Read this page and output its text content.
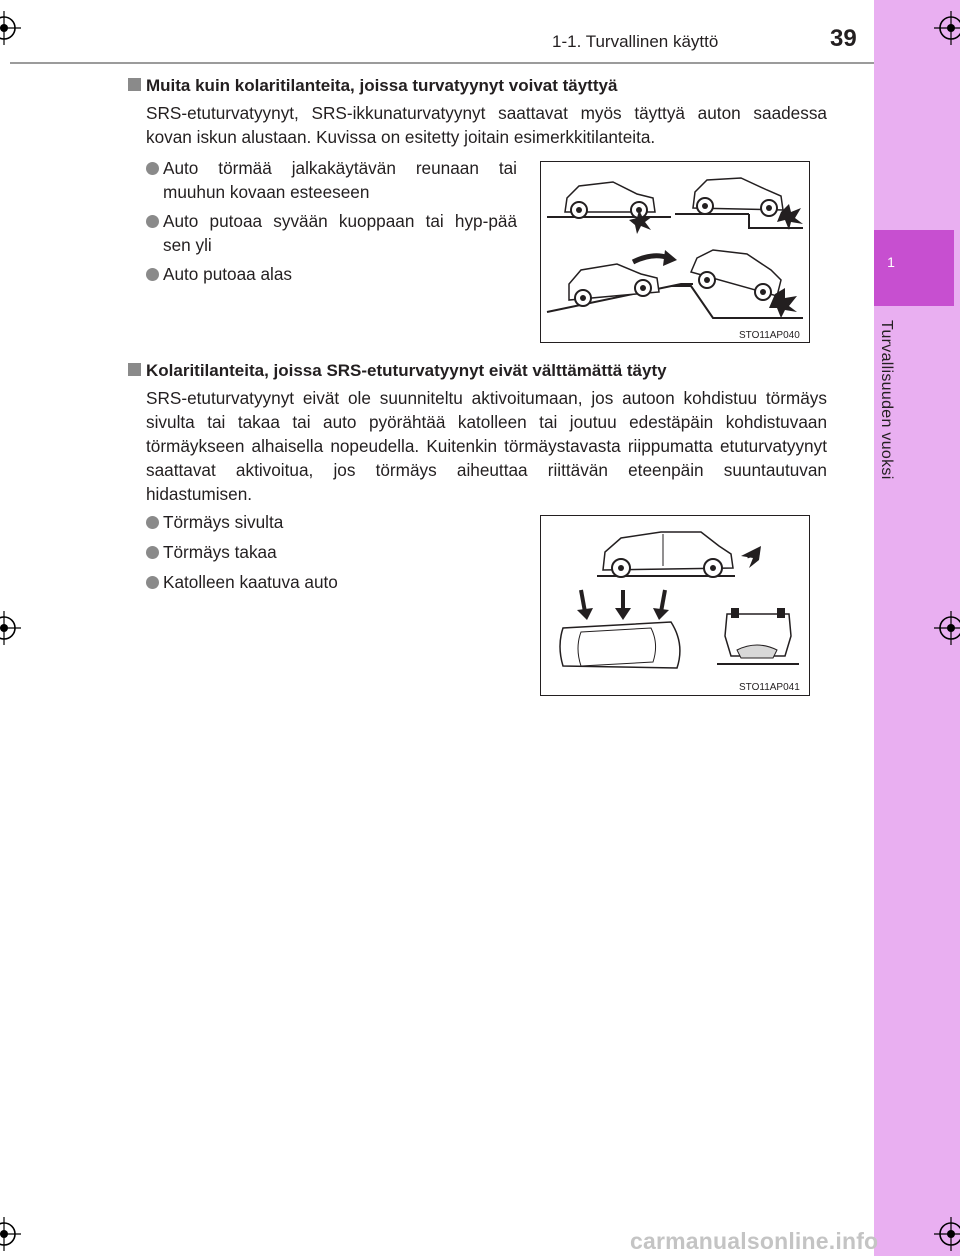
1
Turvallisuuden vuoksi
1-1. Turvallinen käyttö	39
Muita kuin kolaritilanteita, joissa turvatyynyt voivat täyttyä
SRS-etuturvatyynyt, SRS-ikkunaturvatyynyt saattavat myös täyttyä auton saadessa kovan iskun alustaan. Kuvissa on esitetty joitain esimerkkitilanteita.
Auto törmää jalkakäytävän reunaan tai muuhun kovaan esteeseen
Auto putoaa syvään kuoppaan tai hyp-pää sen yli
Auto putoaa alas
STO11AP040
Kolaritilanteita, joissa SRS-etuturvatyynyt eivät välttämättä täyty
SRS-etuturvatyynyt eivät ole suunniteltu aktivoitumaan, jos autoon kohdistuu törmäys sivulta tai takaa tai auto pyörähtää katolleen tai joutuu edestäpäin kohdistuvaan törmäykseen alhaisella nopeudella. Kuitenkin törmäystavasta riippumatta etuturvatyynyt saattavat aktivoitua, jos törmäys aiheuttaa riittävän eteenpäin suuntautuvan hidastumisen.
Törmäys sivulta
Törmäys takaa
Katolleen kaatuva auto
STO11AP041
carmanualsonline.info
